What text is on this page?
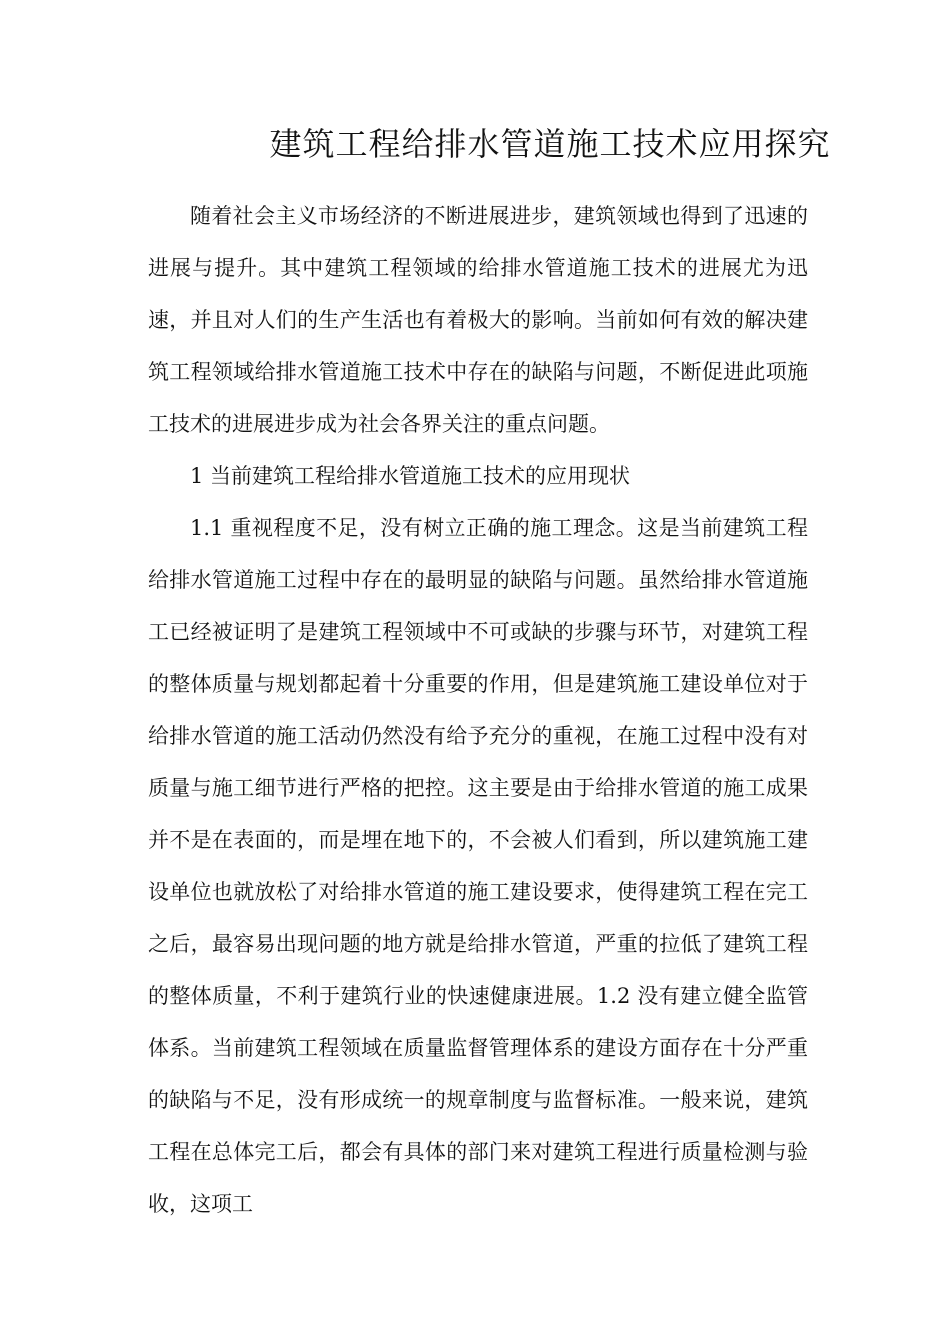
建筑工程给排水管道施工技术应用探究

随着社会主义市场经济的不断进展进步，建筑领域也得到了迅速的进展与提升。其中建筑工程领域的给排水管道施工技术的进展尤为迅速，并且对人们的生产生活也有着极大的影响。当前如何有效的解决建筑工程领域给排水管道施工技术中存在的缺陷与问题，不断促进此项施工技术的进展进步成为社会各界关注的重点问题。

1 当前建筑工程给排水管道施工技术的应用现状

1.1 重视程度不足，没有树立正确的施工理念。这是当前建筑工程给排水管道施工过程中存在的最明显的缺陷与问题。虽然给排水管道施工已经被证明了是建筑工程领域中不可或缺的步骤与环节，对建筑工程的整体质量与规划都起着十分重要的作用，但是建筑施工建设单位对于给排水管道的施工活动仍然没有给予充分的重视，在施工过程中没有对质量与施工细节进行严格的把控。这主要是由于给排水管道的施工成果并不是在表面的，而是埋在地下的，不会被人们看到，所以建筑施工建设单位也就放松了对给排水管道的施工建设要求，使得建筑工程在完工之后，最容易出现问题的地方就是给排水管道，严重的拉低了建筑工程的整体质量，不利于建筑行业的快速健康进展。1.2 没有建立健全监管体系。当前建筑工程领域在质量监督管理体系的建设方面存在十分严重的缺陷与不足，没有形成统一的规章制度与监督标准。一般来说，建筑工程在总体完工后，都会有具体的部门来对建筑工程进行质量检测与验收，这项工
